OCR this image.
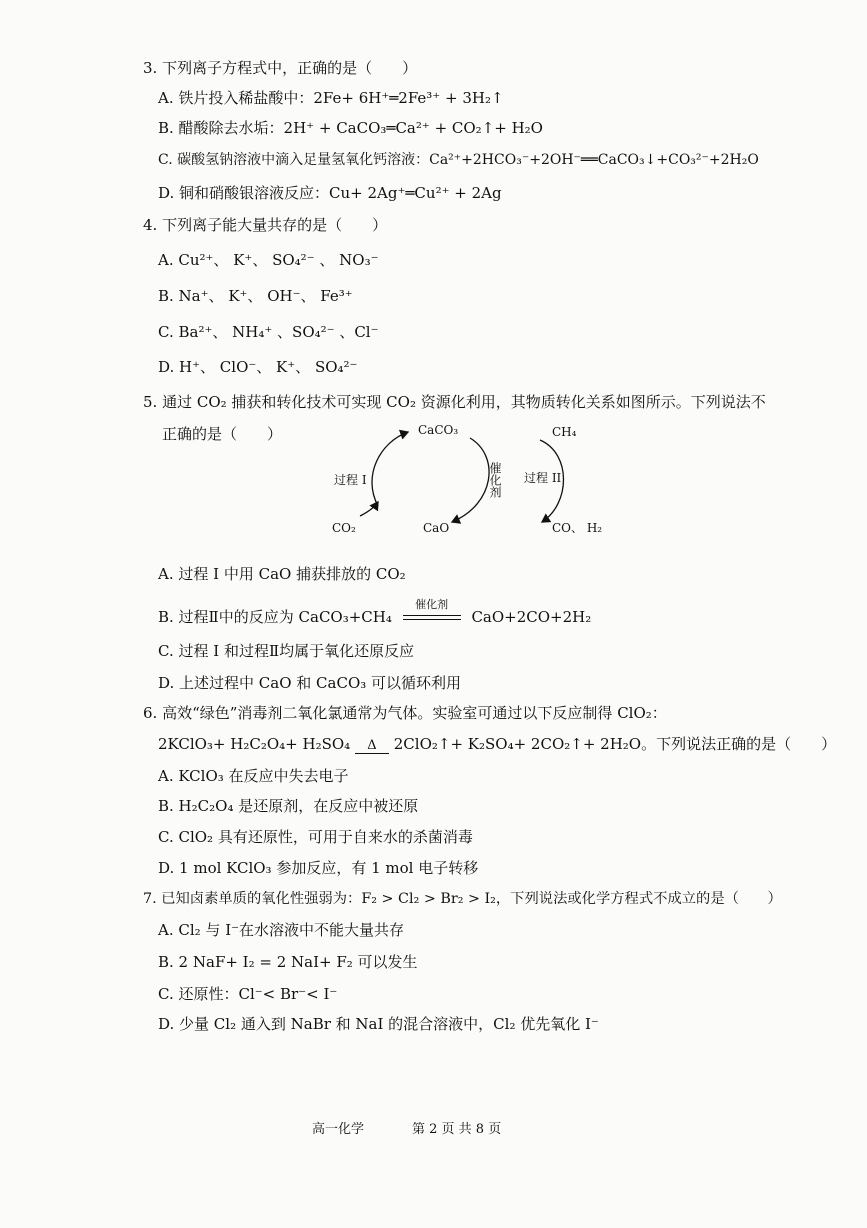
3. 下列离子方程式中，正确的是（　　）
A. 铁片投入稀盐酸中：2Fe+ 6H⁺═2Fe³⁺ + 3H₂↑
B. 醋酸除去水垢：2H⁺ + CaCO₃═Ca²⁺ + CO₂↑+ H₂O
C. 碳酸氢钠溶液中滴入足量氢氧化钙溶液：Ca²⁺+2HCO₃⁻+2OH⁻══CaCO₃↓+CO₃²⁻+2H₂O
D. 铜和硝酸银溶液反应：Cu+ 2Ag⁺═Cu²⁺ + 2Ag
4. 下列离子能大量共存的是（　　）
A. Cu²⁺、 K⁺、 SO₄²⁻ 、 NO₃⁻
B. Na⁺、 K⁺、 OH⁻、 Fe³⁺
C. Ba²⁺、 NH₄⁺ 、SO₄²⁻ 、Cl⁻
D. H⁺、 ClO⁻、 K⁺、 SO₄²⁻
5. 通过 CO₂ 捕获和转化技术可实现 CO₂ 资源化利用，其物质转化关系如图所示。下列说法不
正确的是（　　）	CaCO₃	CH₄
过程 I	过程 II
CO₂	CaO	CO、 H₂
催化剂
A. 过程 I 中用 CaO 捕获排放的 CO₂
B. 过程Ⅱ中的反应为 CaCO₃+CH₄
催化剂
CaO+2CO+2H₂
C. 过程 I 和过程Ⅱ均属于氧化还原反应
D. 上述过程中 CaO 和 CaCO₃ 可以循环利用
6. 高效“绿色”消毒剂二氧化氯通常为气体。实验室可通过以下反应制得 ClO₂：
2KClO₃+ H₂C₂O₄+ H₂SO₄	Δ	2ClO₂↑+ K₂SO₄+ 2CO₂↑+ 2H₂O。下列说法正确的是（　　）
A. KClO₃ 在反应中失去电子
B. H₂C₂O₄ 是还原剂，在反应中被还原
C. ClO₂ 具有还原性，可用于自来水的杀菌消毒
D. 1 mol KClO₃ 参加反应，有 1 mol 电子转移
7. 已知卤素单质的氧化性强弱为：F₂ > Cl₂ > Br₂ > I₂，下列说法或化学方程式不成立的是（　　）
A. Cl₂ 与 I⁻在水溶液中不能大量共存
B. 2 NaF+ I₂ = 2 NaI+ F₂ 可以发生
C. 还原性：Cl⁻< Br⁻< I⁻
D. 少量 Cl₂ 通入到 NaBr 和 NaI 的混合溶液中，Cl₂ 优先氧化 I⁻
高一化学	第 2 页 共 8 页
